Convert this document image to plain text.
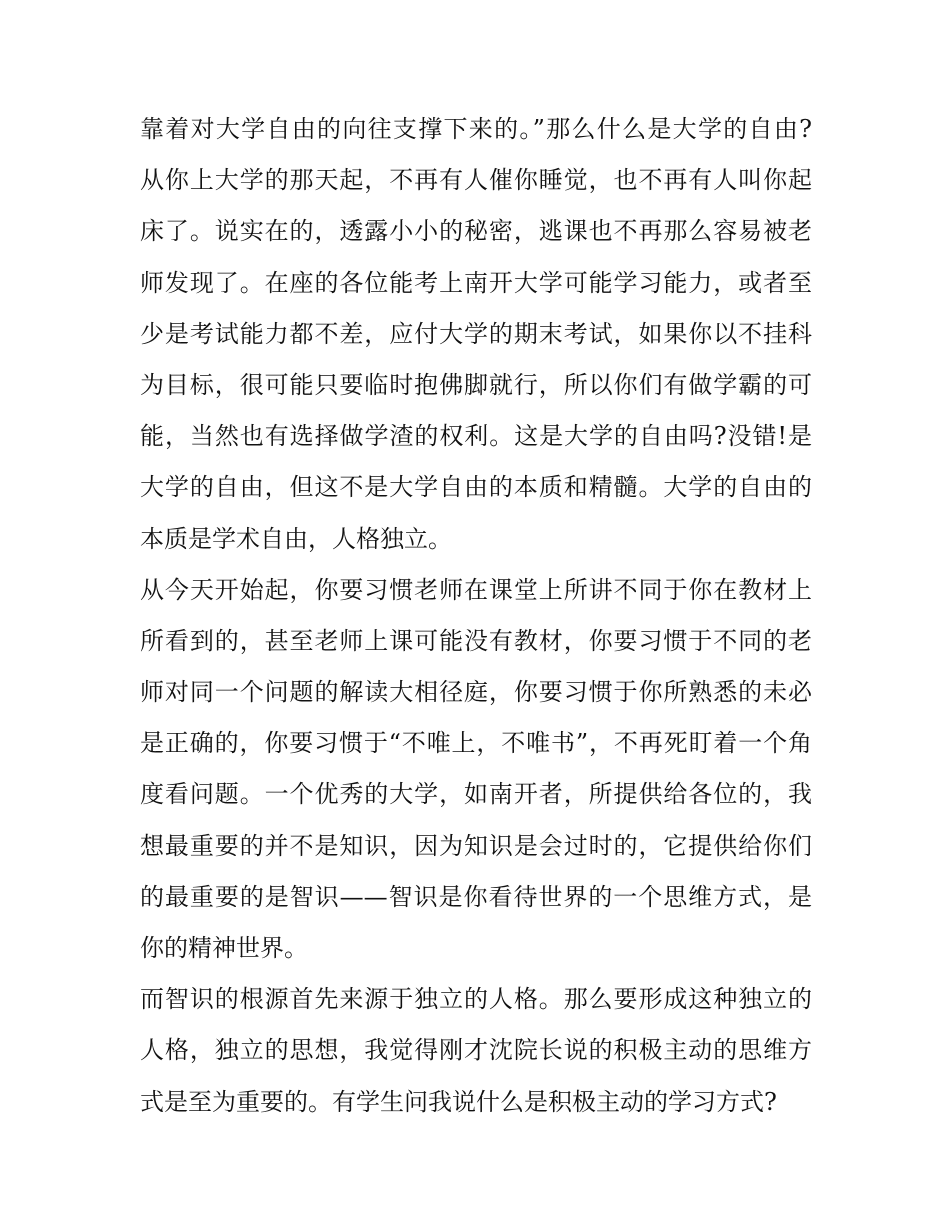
靠着对大学自由的向往支撑下来的。”那么什么是大学的自由?
从你上大学的那天起，不再有人催你睡觉，也不再有人叫你起
床了。说实在的，透露小小的秘密，逃课也不再那么容易被老
师发现了。在座的各位能考上南开大学可能学习能力，或者至
少是考试能力都不差，应付大学的期末考试，如果你以不挂科
为目标，很可能只要临时抱佛脚就行，所以你们有做学霸的可
能，当然也有选择做学渣的权利。这是大学的自由吗?没错!是
大学的自由，但这不是大学自由的本质和精髓。大学的自由的
本质是学术自由，人格独立。
从今天开始起，你要习惯老师在课堂上所讲不同于你在教材上
所看到的，甚至老师上课可能没有教材，你要习惯于不同的老
师对同一个问题的解读大相径庭，你要习惯于你所熟悉的未必
是正确的，你要习惯于“不唯上，不唯书”，不再死盯着一个角
度看问题。一个优秀的大学，如南开者，所提供给各位的，我
想最重要的并不是知识，因为知识是会过时的，它提供给你们
的最重要的是智识——智识是你看待世界的一个思维方式，是
你的精神世界。
而智识的根源首先来源于独立的人格。那么要形成这种独立的
人格，独立的思想，我觉得刚才沈院长说的积极主动的思维方
式是至为重要的。有学生问我说什么是积极主动的学习方式?
